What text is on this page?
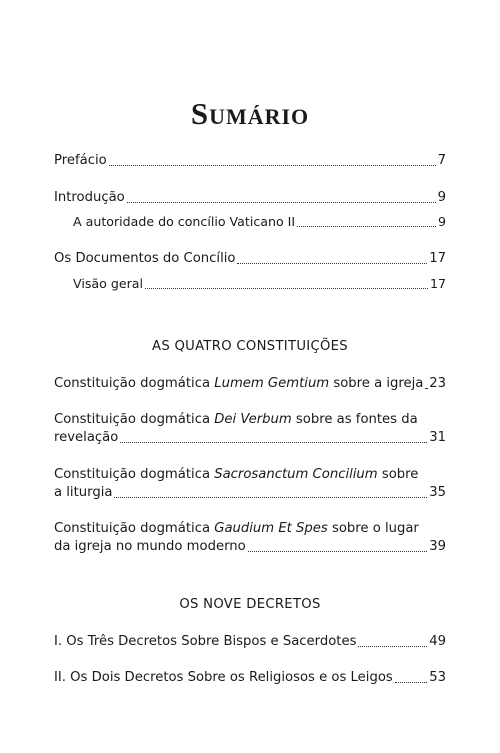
Sumário
Prefácio	7
Introdução	9
A autoridade do concílio Vaticano II	9
Os Documentos do Concílio	17
Visão geral	17
AS QUATRO CONSTITUIÇÕES
Constituição dogmática Lumem Gemtium sobre a igreja 23
Constituição dogmática Dei Verbum sobre as fontes da
revelação	31
Constituição dogmática Sacrosanctum Concilium sobre
a liturgia	35
Constituição dogmática Gaudium Et Spes sobre o lugar
da igreja no mundo moderno	39
OS NOVE DECRETOS
I. Os Três Decretos Sobre Bispos e Sacerdotes	49
II. Os Dois Decretos Sobre os Religiosos e os Leigos	53
